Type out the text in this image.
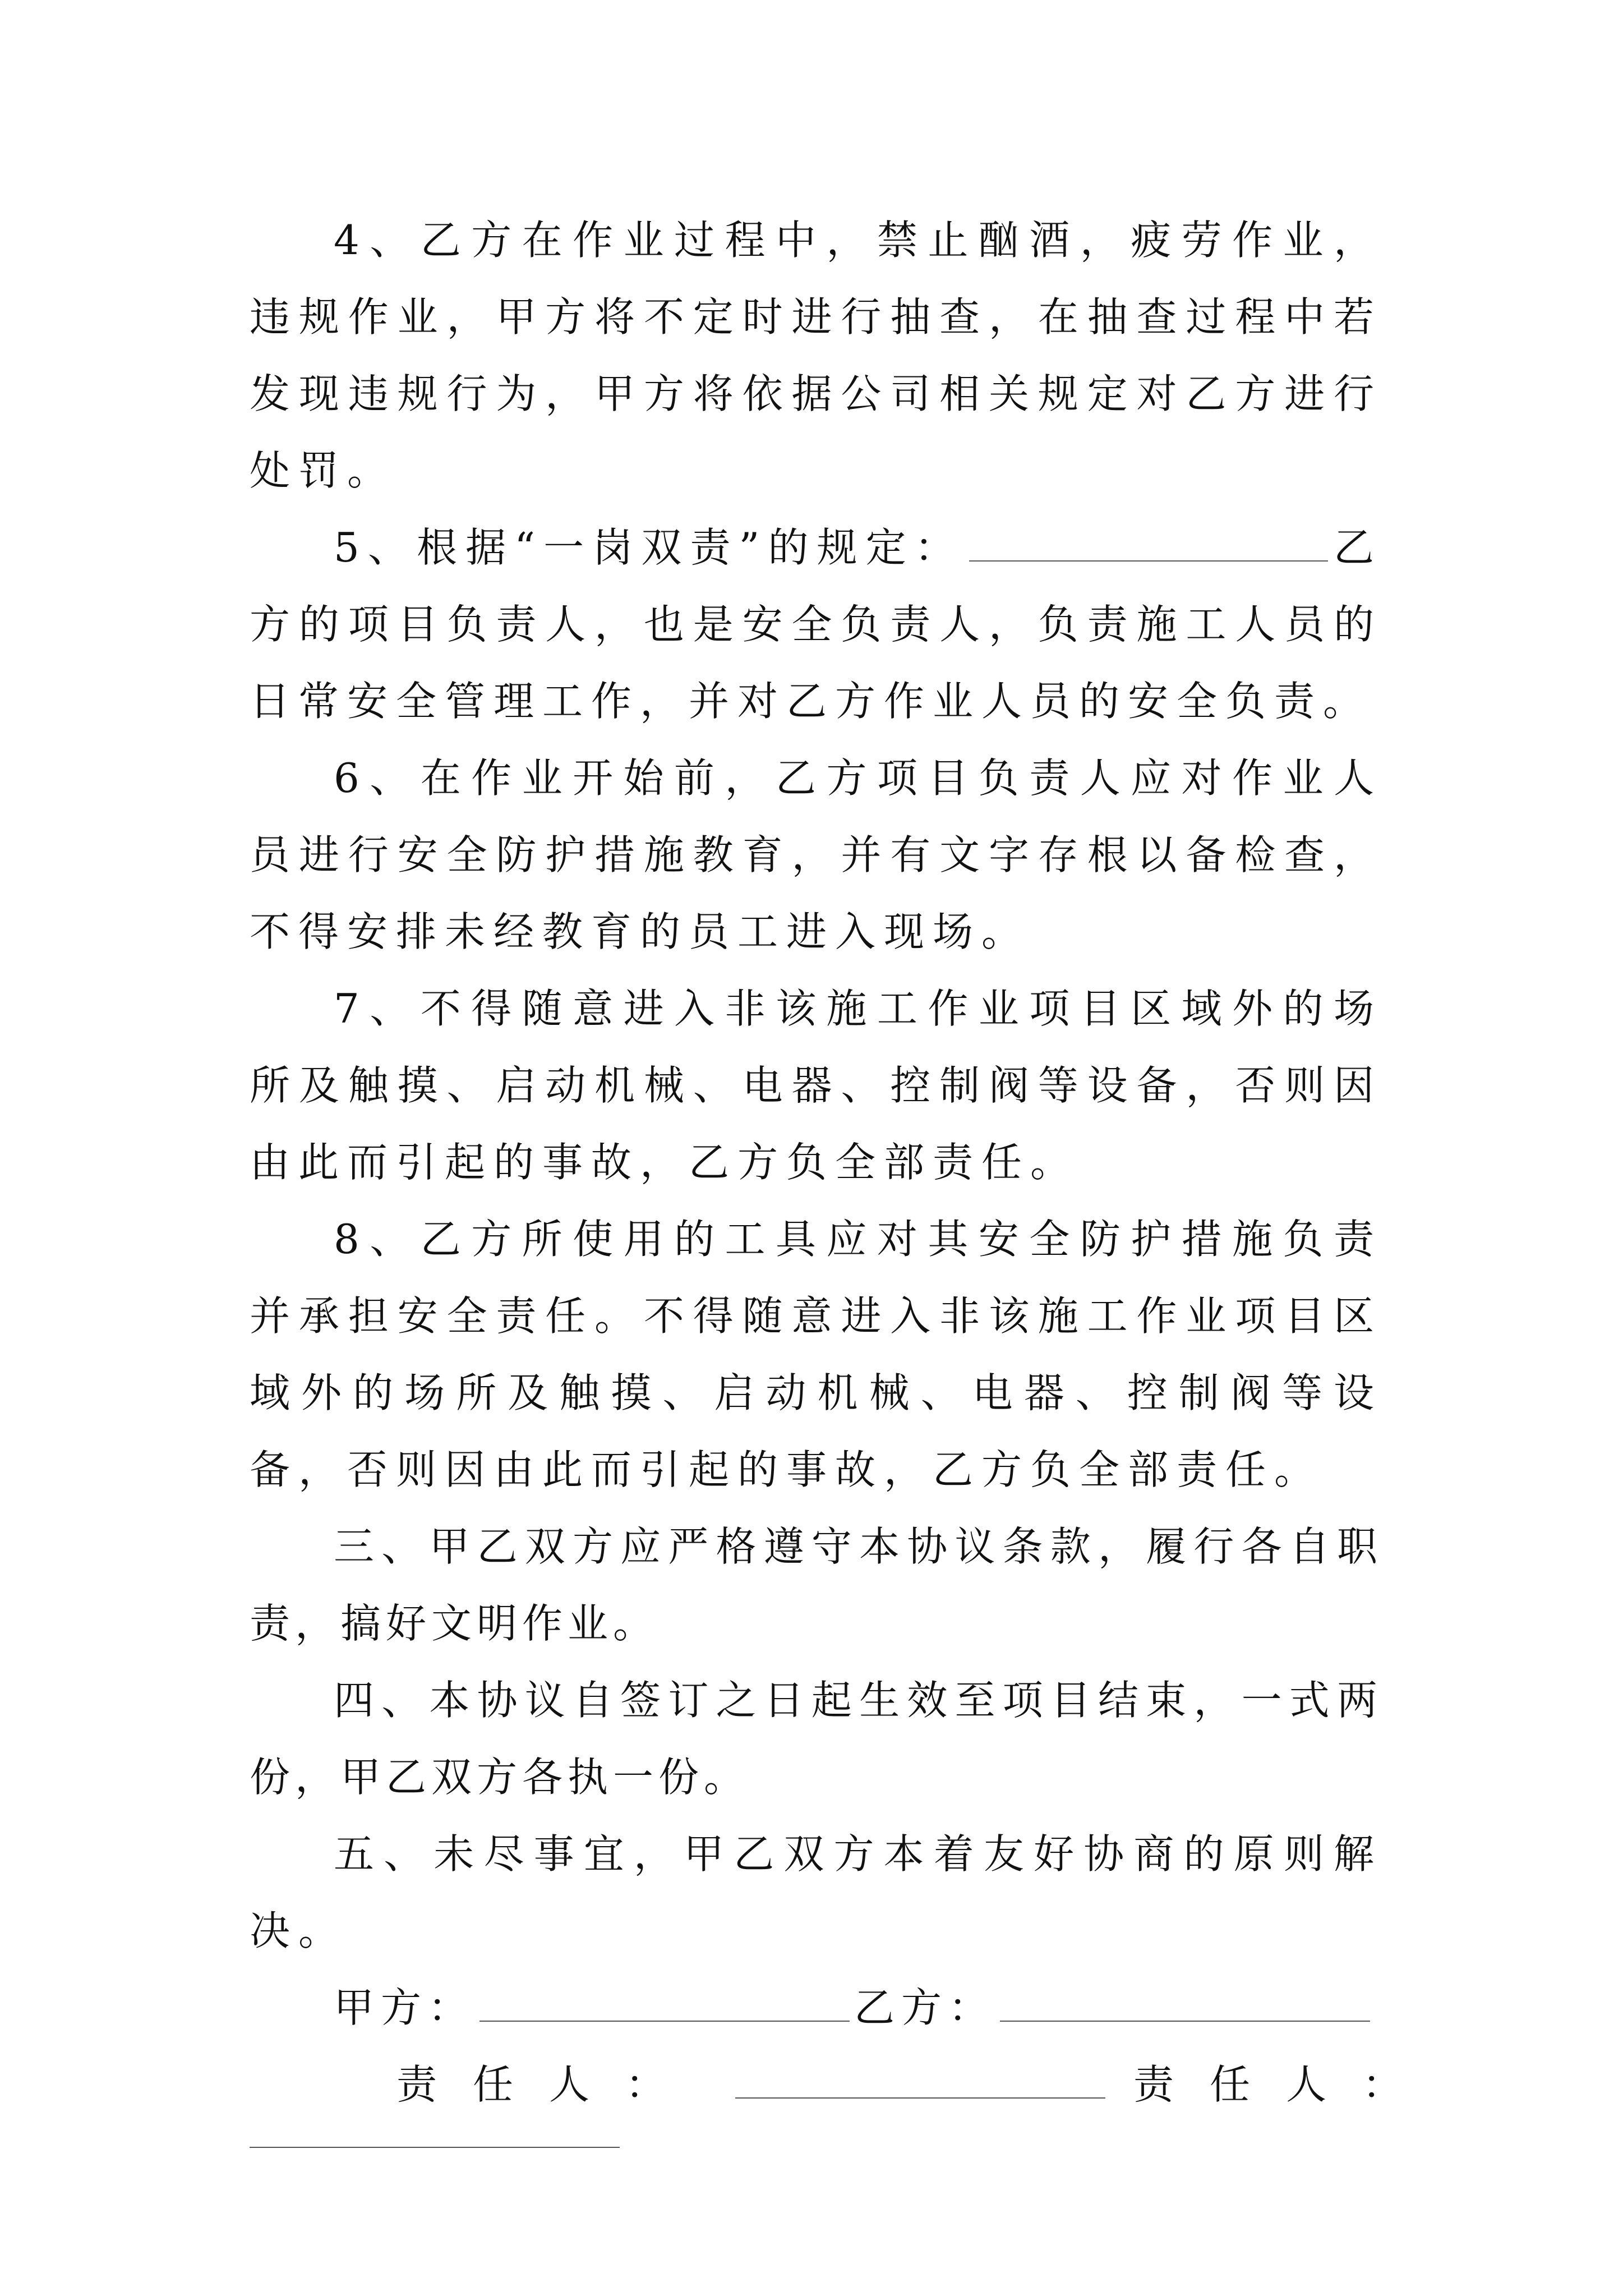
4、乙方在作业过程中，禁止酗酒，疲劳作业，违规作业，甲方将不定时进行抽查，在抽查过程中若发现违规行为，甲方将依据公司相关规定对乙方进行处罚。

5、根据“一岗双责”的规定：	乙方的项目负责人，也是安全负责人，负责施工人员的日常安全管理工作，并对乙方作业人员的安全负责。

6、在作业开始前，乙方项目负责人应对作业人员进行安全防护措施教育，并有文字存根以备检查，不得安排未经教育的员工进入现场。

7、不得随意进入非该施工作业项目区域外的场所及触摸、启动机械、电器、控制阀等设备，否则因由此而引起的事故，乙方负全部责任。

8、乙方所使用的工具应对其安全防护措施负责并承担安全责任。不得随意进入非该施工作业项目区域外的场所及触摸、启动机械、电器、控制阀等设备，否则因由此而引起的事故，乙方负全部责任。

三、甲乙双方应严格遵守本协议条款，履行各自职责，搞好文明作业。

四、本协议自签订之日起生效至项目结束，一式两份，甲乙双方各执一份。

五、未尽事宜，甲乙双方本着友好协商的原则解决。

甲方：	乙方：

责任人：	责任人：
